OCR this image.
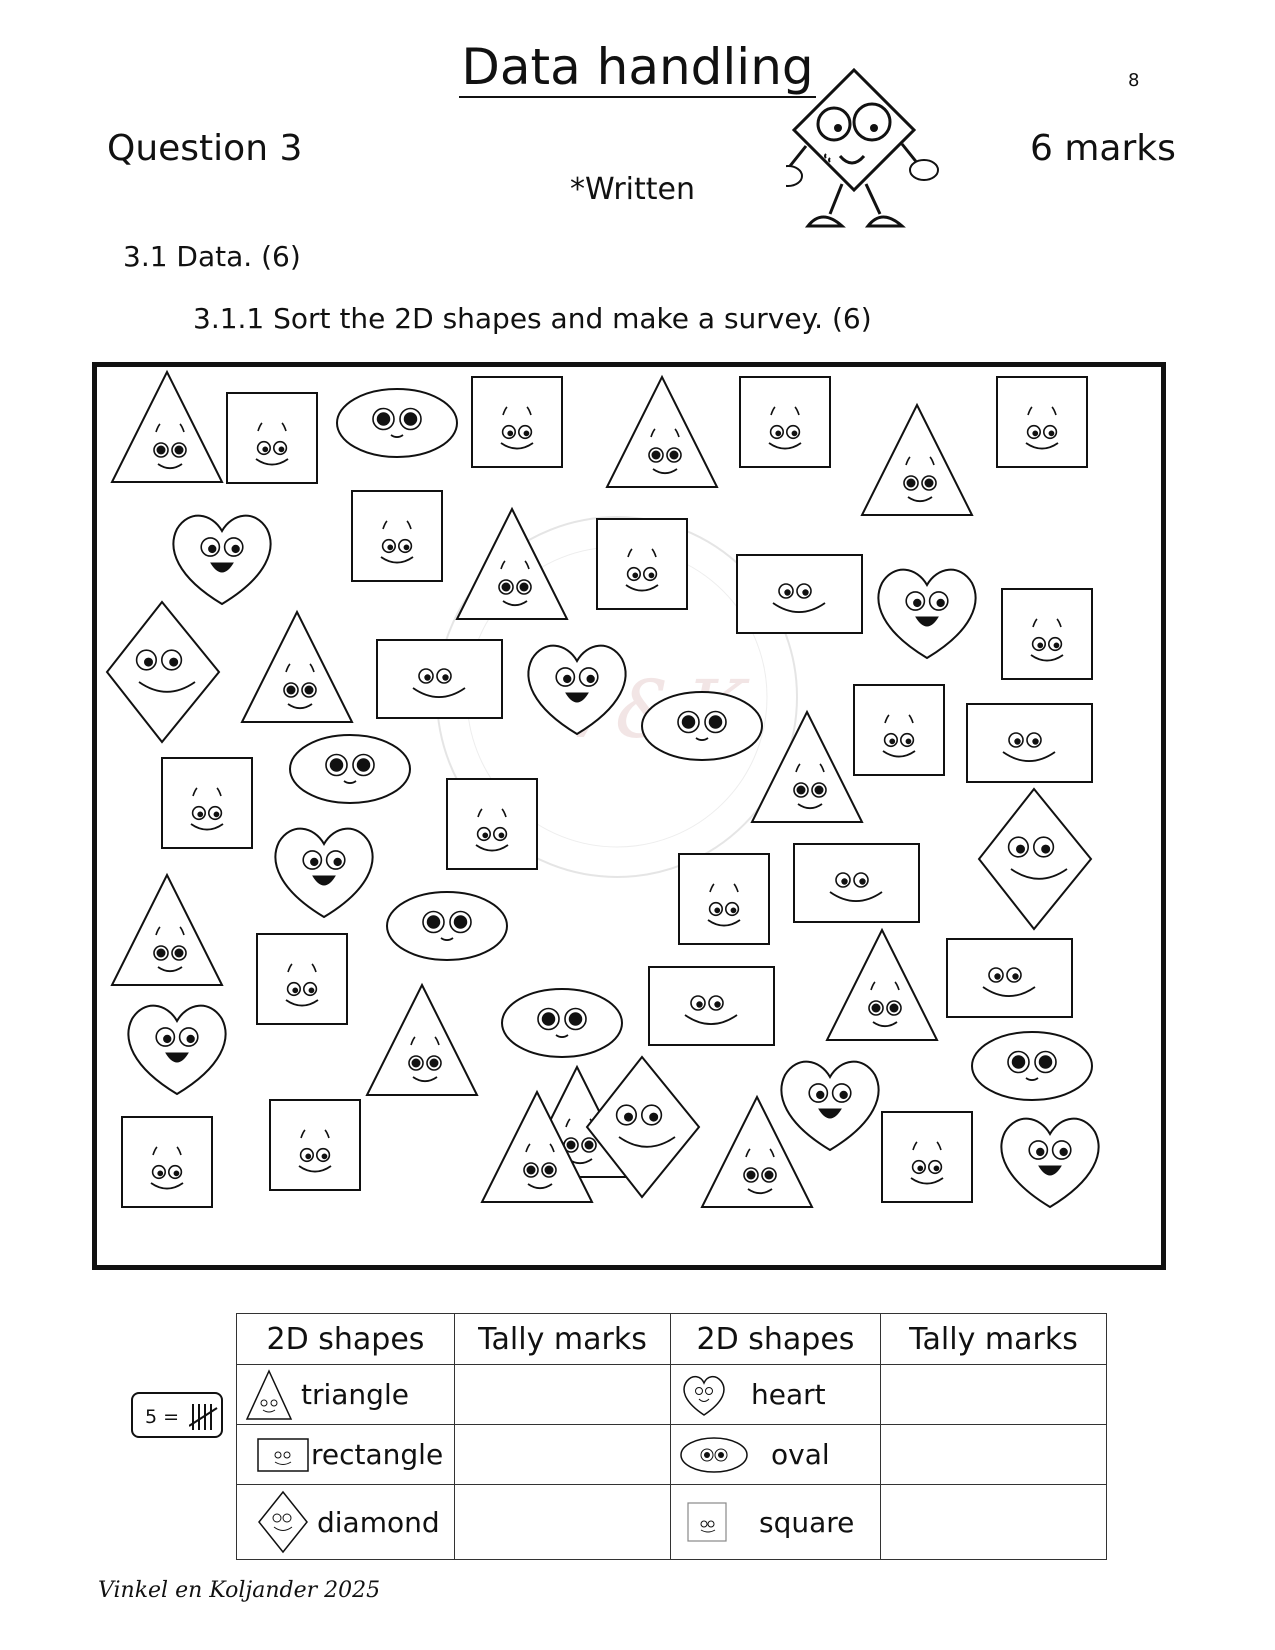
Data handling	8
Question 3	6 marks
*Written
3.1 Data. (6)
3.1.1 Sort the 2D shapes and make a survey. (6)
5 =
2D shapes	Tally marks	2D shapes	Tally marks

triangle		heart	

rectangle		oval	

diamond		square	

Vinkel en Koljander 2025
